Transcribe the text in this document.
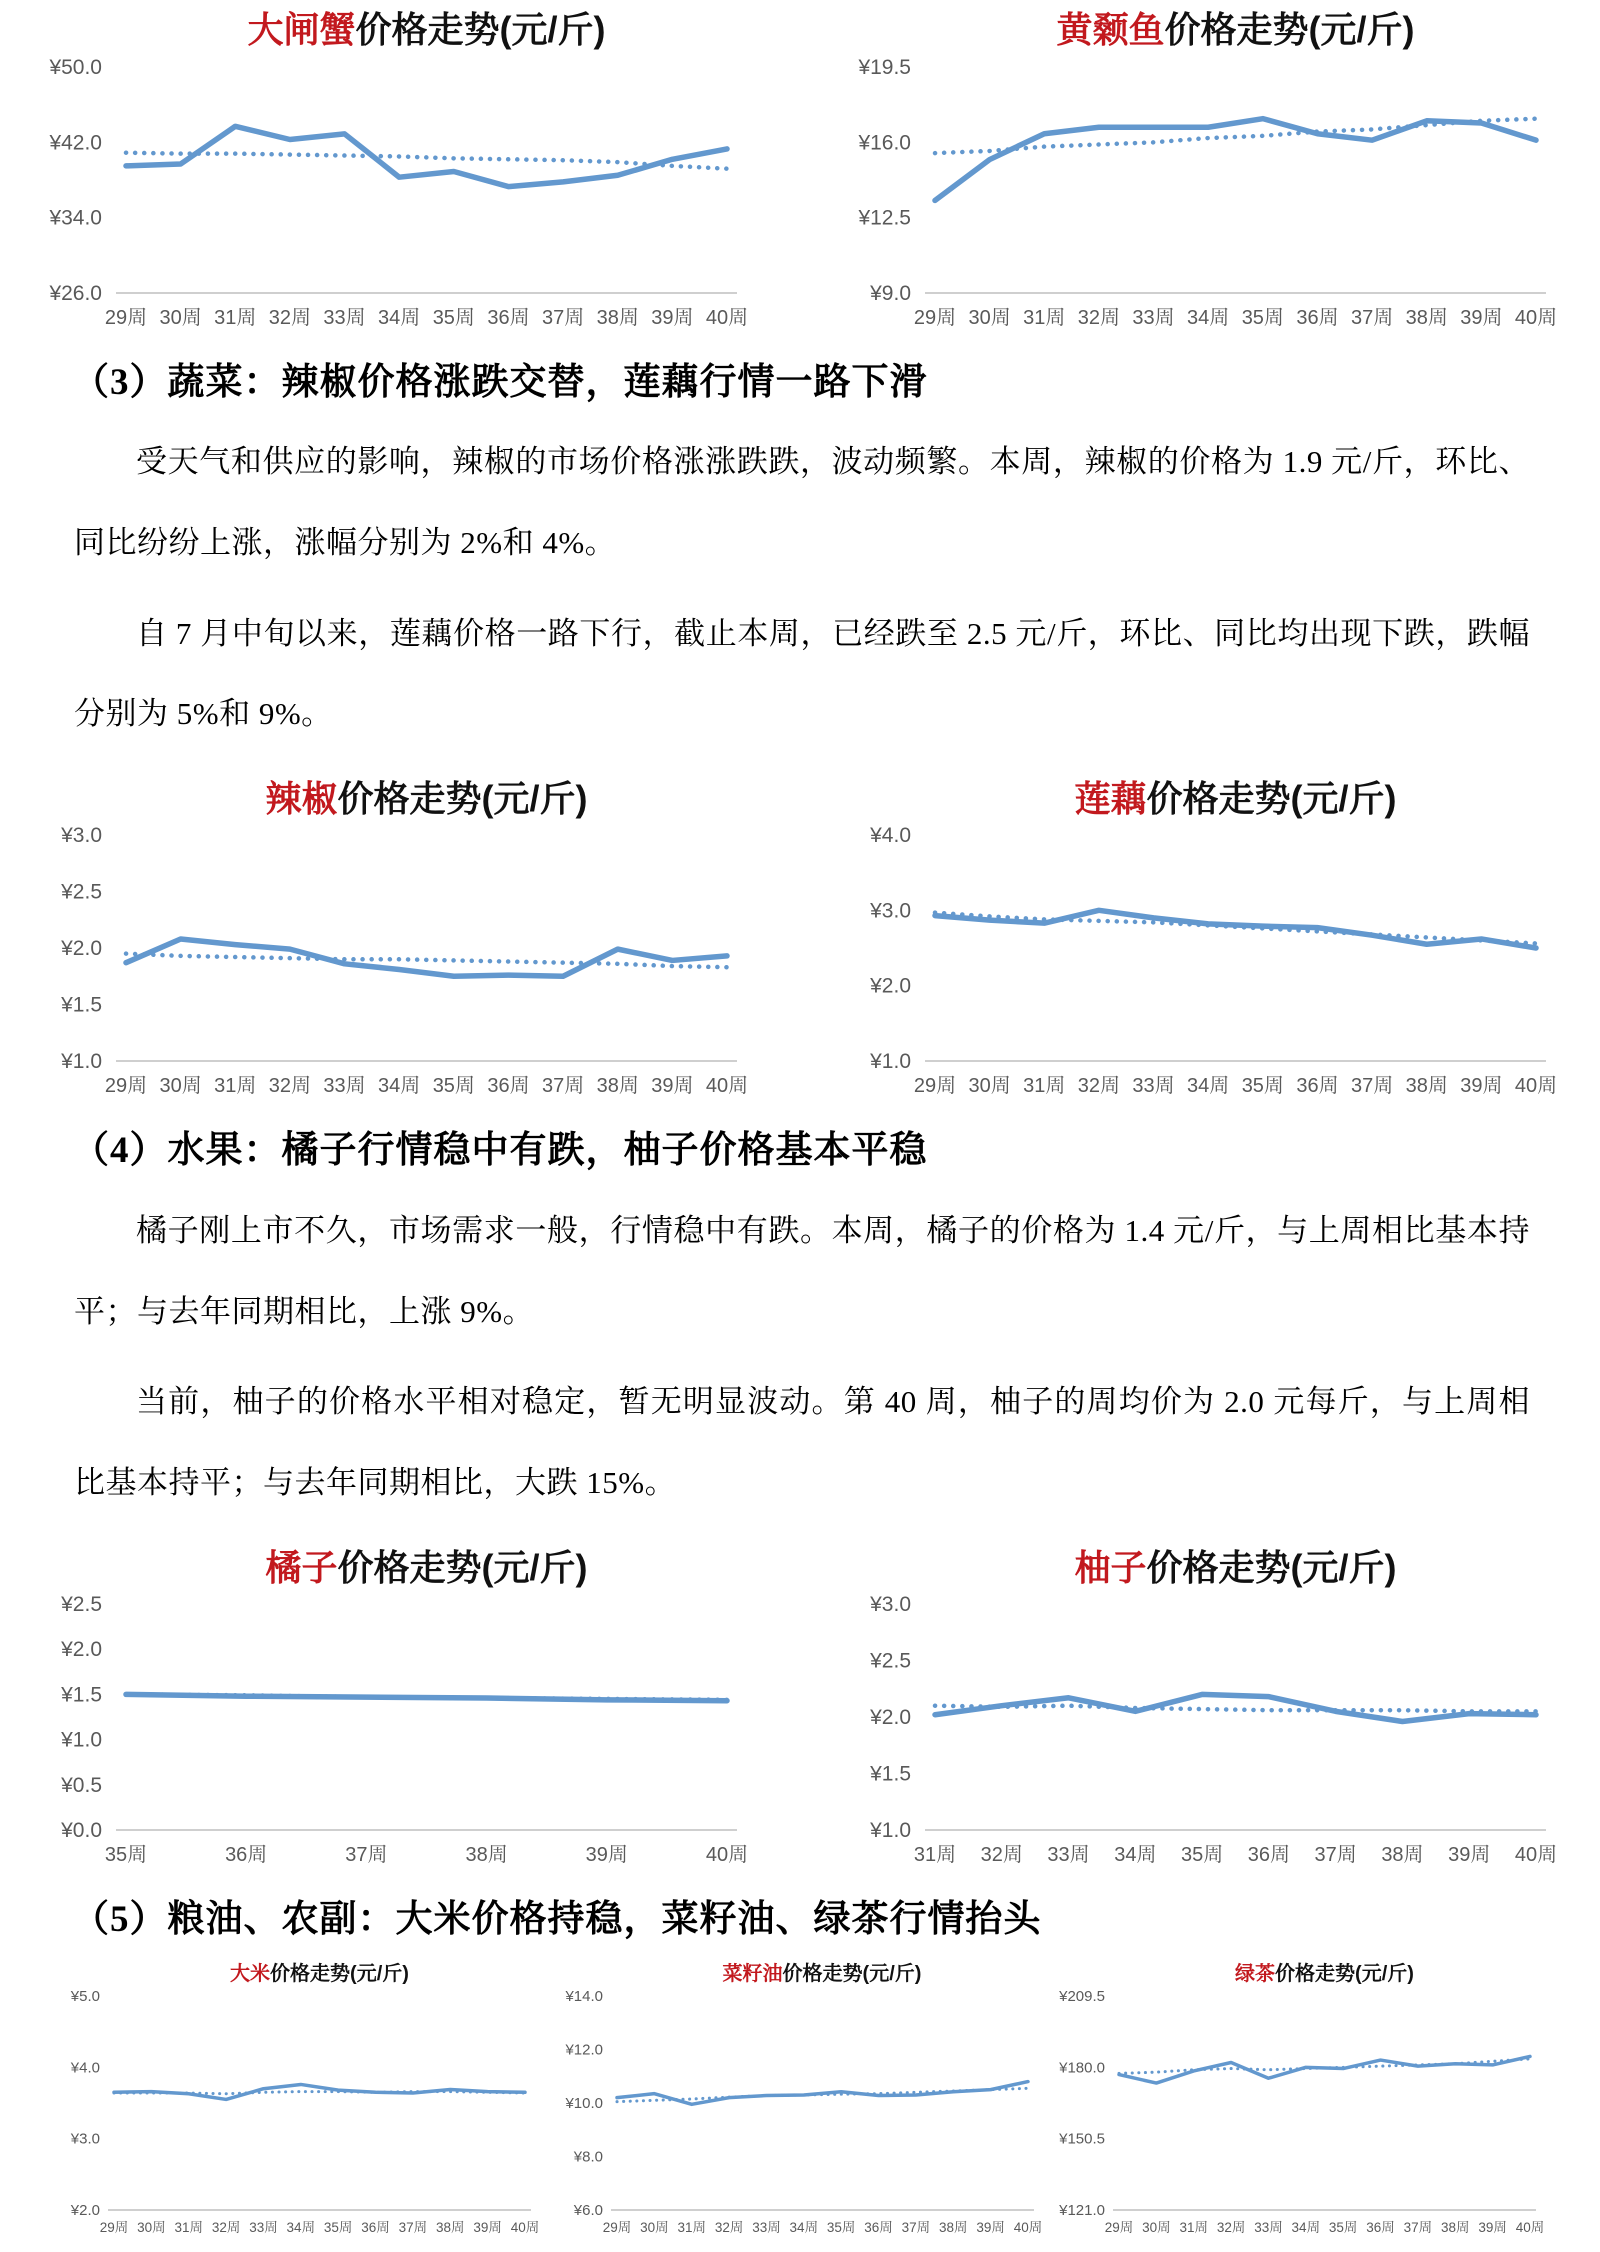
大闸蟹价格走势(元/斤)
¥50.0
¥42.0
¥34.0
¥26.0
29周 30周 31周 32周 33周 34周 35周 36周 37周 38周 39周 40周
黄颡鱼价格走势(元/斤)
¥19.5
¥16.0
¥12.5
¥9.0
29周 30周 31周 32周 33周 34周 35周 36周 37周 38周 39周 40周
（3）蔬菜：辣椒价格涨跌交替，莲藕行情一路下滑

受天气和供应的影响，辣椒的市场价格涨涨跌跌，波动频繁。本周，辣椒的价格为 1.9 元/斤，环比、同比纷纷上涨，涨幅分别为 2%和 4%。

自 7 月中旬以来，莲藕价格一路下行，截止本周，已经跌至 2.5 元/斤，环比、同比均出现下跌，跌幅分别为 5%和 9%。

辣椒价格走势(元/斤)
¥3.0
¥2.5
¥2.0
¥1.5
¥1.0
29周 30周 31周 32周 33周 34周 35周 36周 37周 38周 39周 40周
莲藕价格走势(元/斤)
¥4.0
¥3.0
¥2.0
¥1.0
29周 30周 31周 32周 33周 34周 35周 36周 37周 38周 39周 40周
（4）水果：橘子行情稳中有跌，柚子价格基本平稳

橘子刚上市不久，市场需求一般，行情稳中有跌。本周，橘子的价格为 1.4 元/斤，与上周相比基本持平；与去年同期相比，上涨 9%。

当前，柚子的价格水平相对稳定，暂无明显波动。第 40 周，柚子的周均价为 2.0 元每斤，与上周相比基本持平；与去年同期相比，大跌 15%。

橘子价格走势(元/斤)
¥2.5
¥2.0
¥1.5
¥1.0
¥0.5
¥0.0
35周	36周	37周	38周	39周	40周
柚子价格走势(元/斤)
¥3.0
¥2.5
¥2.0
¥1.5
¥1.0
31周 32周 33周 34周 35周 36周 37周 38周 39周 40周
（5）粮油、农副：大米价格持稳，菜籽油、绿茶行情抬头
大米价格走势(元/斤)
¥5.0
¥4.0
¥3.0
¥2.0
29周 30周 31周 32周 33周 34周 35周 36周 37周 38周 39周 40周
菜籽油价格走势(元/斤)
¥14.0
¥12.0
¥10.0
¥8.0
¥6.0
29周 30周 31周 32周 33周 34周 35周 36周 37周 38周 39周 40周
绿茶价格走势(元/斤)
¥209.5
¥180.0
¥150.5
¥121.0
29周 30周 31周 32周 33周 34周 35周 36周 37周 38周 39周 40周
